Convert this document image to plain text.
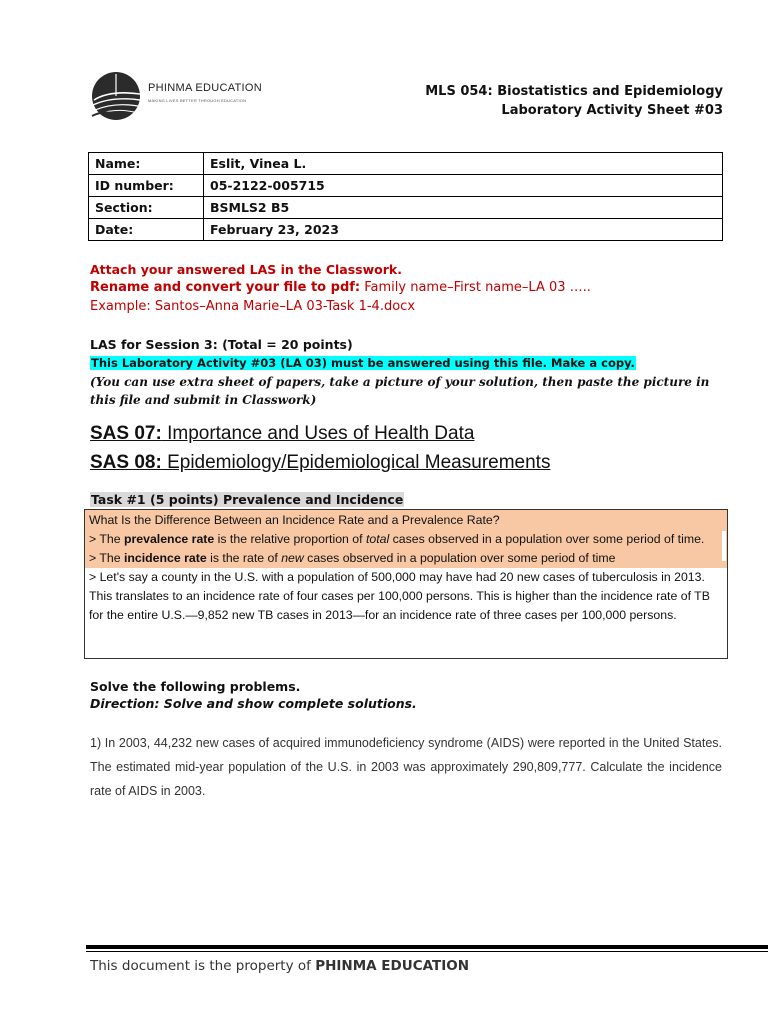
PHINMA EDUCATION
MAKING LIVES BETTER THROUGH EDUCATION
MLS 054: Biostatistics and Epidemiology
Laboratory Activity Sheet #03
Name:	Eslit, Vinea L.
ID number:	05-2122-005715
Section:	BSMLS2 B5
Date:	February 23, 2023
Attach your answered LAS in the Classwork.
Rename and convert your file to pdf: Family name–First name–LA 03 …..
Example: Santos–Anna Marie–LA 03-Task 1-4.docx
LAS for Session 3: (Total = 20 points)
This Laboratory Activity #03 (LA 03) must be answered using this file. Make a copy.
(You can use extra sheet of papers, take a picture of your solution, then paste the picture in this file and submit in Classwork)
SAS 07: Importance and Uses of Health Data
SAS 08: Epidemiology/Epidemiological Measurements
Task #1 (5 points) Prevalence and Incidence
What Is the Difference Between an Incidence Rate and a Prevalence Rate?
> The prevalence rate is the relative proportion of total cases observed in a population over some period of time.
> The incidence rate is the rate of new cases observed in a population over some period of time
> Let's say a county in the U.S. with a population of 500,000 may have had 20 new cases of tuberculosis in 2013. This translates to an incidence rate of four cases per 100,000 persons. This is higher than the incidence rate of TB for the entire U.S.—9,852 new TB cases in 2013—for an incidence rate of three cases per 100,000 persons.
Solve the following problems.
Direction: Solve and show complete solutions.
1) In 2003, 44,232 new cases of acquired immunodeficiency syndrome (AIDS) were reported in the United States. The estimated mid-year population of the U.S. in 2003 was approximately 290,809,777. Calculate the incidence rate of AIDS in 2003.
This document is the property of PHINMA EDUCATION
